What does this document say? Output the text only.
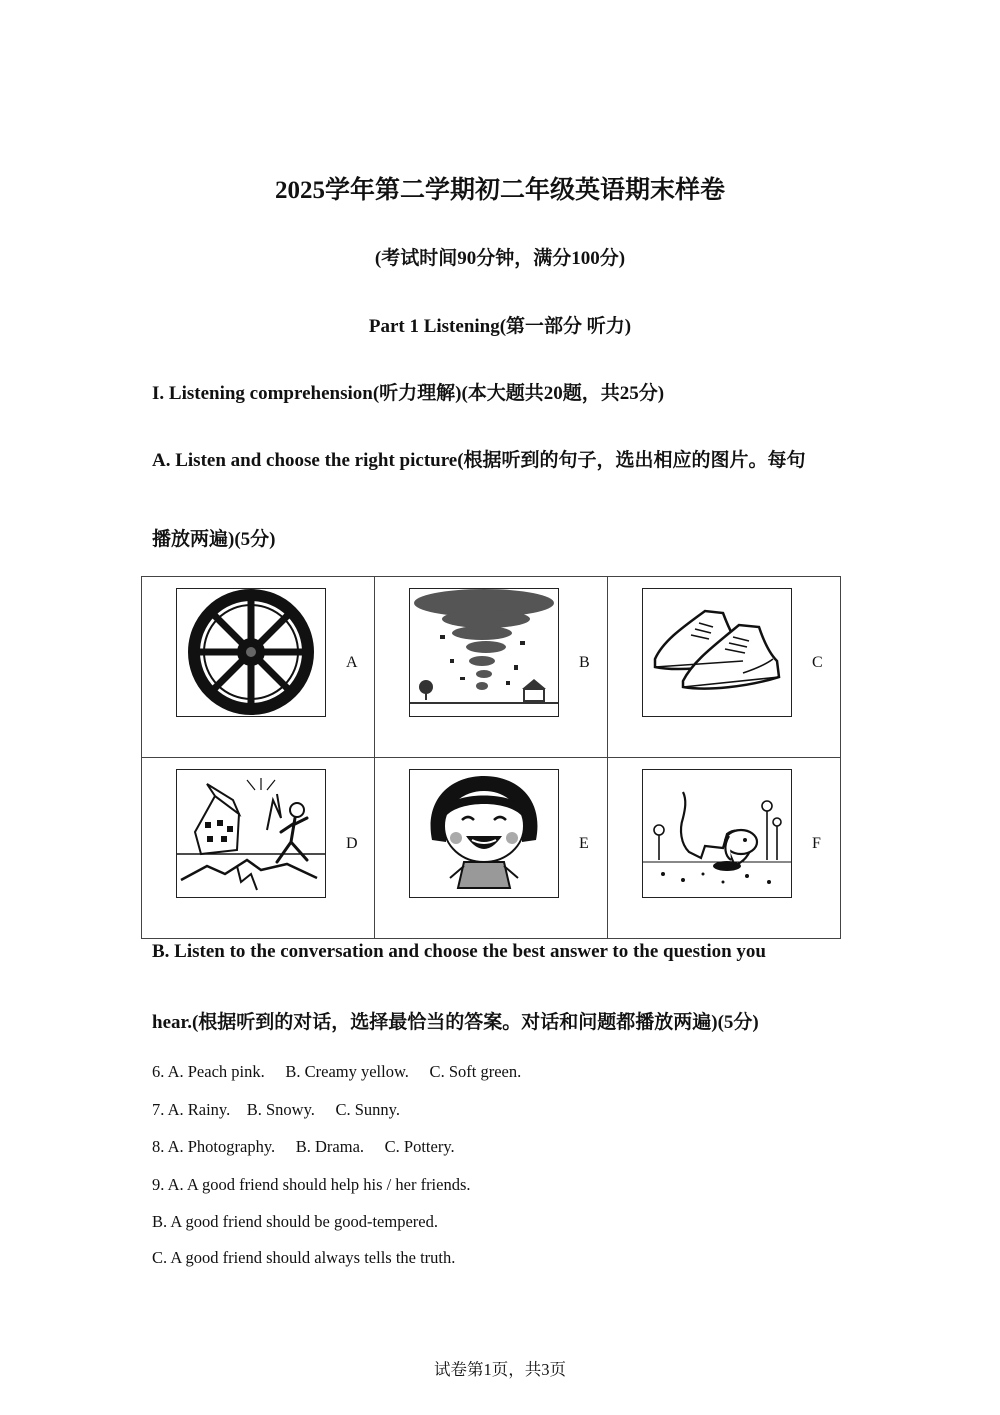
2025学年第二学期初二年级英语期末样卷
(考试时间90分钟，满分100分)
Part 1 Listening(第一部分 听力)
I. Listening comprehension(听力理解)(本大题共20题，共25分)
A. Listen and choose the right picture(根据听到的句子，选出相应的图片。每句
播放两遍)(5分)
A	B	C

D	E	F
B. Listen to the conversation and choose the best answer to the question you
hear.(根据听到的对话，选择最恰当的答案。对话和问题都播放两遍)(5分)
6. A. Peach pink.     B. Creamy yellow.     C. Soft green.
7. A. Rainy.    B. Snowy.     C. Sunny.
8. A. Photography.     B. Drama.     C. Pottery.
9. A. A good friend should help his / her friends.
B. A good friend should be good-tempered.
C. A good friend should always tells the truth.
试卷第1页，共3页
